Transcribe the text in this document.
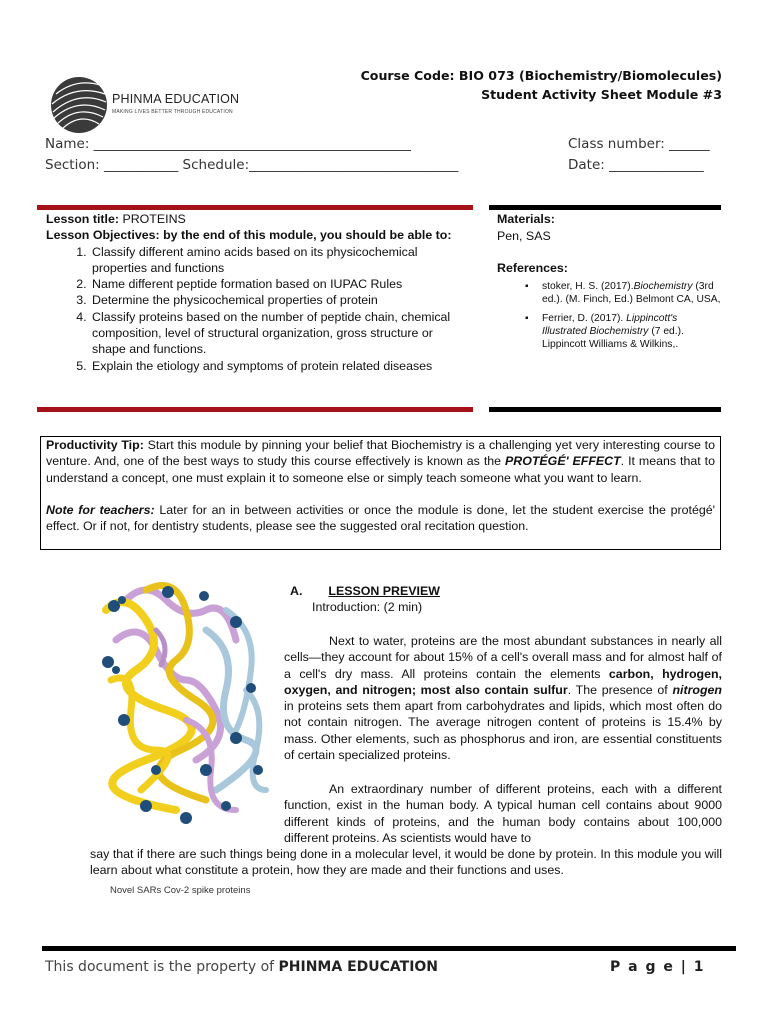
PHINMA EDUCATION
MAKING LIVES BETTER THROUGH EDUCATION
Course Code: BIO 073 (Biochemistry/Biomolecules)
Student Activity Sheet Module #3
Name: _______________________________________________	Class number: ______
Section: ___________ Schedule:_______________________________	Date: ______________
Lesson title: PROTEINS
Lesson Objectives: by the end of this module, you should be able to:
1. Classify different amino acids based on its physicochemical properties and functions
2. Name different peptide formation based on IUPAC Rules
3. Determine the physicochemical properties of protein
4. Classify proteins based on the number of peptide chain, chemical composition, level of structural organization, gross structure or shape and functions.
5. Explain the etiology and symptoms of protein related diseases
Materials:
Pen, SAS
References:
▪ stoker, H. S. (2017).Biochemistry (3rd ed.). (M. Finch, Ed.) Belmont CA, USA,
▪ Ferrier, D. (2017). Lippincott's Illustrated Biochemistry (7 ed.). Lippincott Williams & Wilkins,.

Productivity Tip: Start this module by pinning your belief that Biochemistry is a challenging yet very interesting course to venture. And, one of the best ways to study this course effectively is known as the PROTÉGÉ' EFFECT. It means that to understand a concept, one must explain it to someone else or simply teach someone what you want to learn.

Note for teachers: Later for an in between activities or once the module is done, let the student exercise the protégé' effect. Or if not, for dentistry students, please see the suggested oral recitation question.

Novel SARs Cov-2 spike proteins
A. LESSON PREVIEW
Introduction: (2 min)
Next to water, proteins are the most abundant substances in nearly all cells—they account for about 15% of a cell's overall mass and for almost half of a cell's dry mass. All proteins contain the elements carbon, hydrogen, oxygen, and nitrogen; most also contain sulfur. The presence of nitrogen in proteins sets them apart from carbohydrates and lipids, which most often do not contain nitrogen. The average nitrogen content of proteins is 15.4% by mass. Other elements, such as phosphorus and iron, are essential constituents of certain specialized proteins.
An extraordinary number of different proteins, each with a different function, exist in the human body. A typical human cell contains about 9000 different kinds of proteins, and the human body contains about 100,000 different proteins. As scientists would have to
say that if there are such things being done in a molecular level, it would be done by protein. In this module you will learn about what constitute a protein, how they are made and their functions and uses.
This document is the property of PHINMA EDUCATION	P a g e | 1
